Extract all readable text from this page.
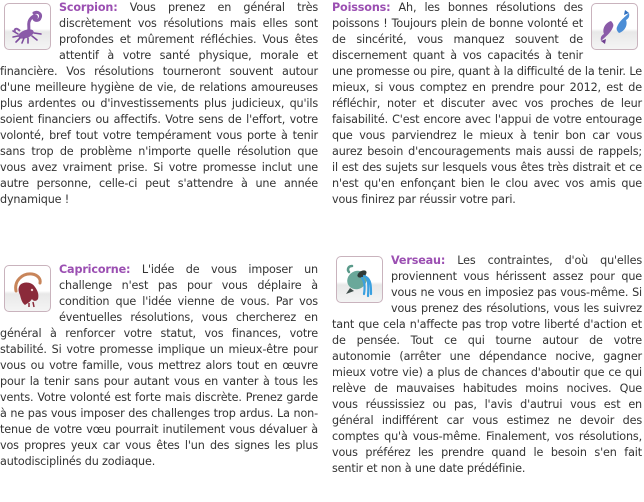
Scorpion: Vous prenez en général très discrètement vos résolutions mais elles sont profondes et mûrement réfléchies. Vous êtes attentif à votre santé physique, morale et financière. Vos résolutions tourneront souvent autour d'une meilleure hygiène de vie, de relations amoureuses plus ardentes ou d'investissements plus judicieux, qu'ils soient financiers ou affectifs. Votre sens de l'effort, votre volonté, bref tout votre tempérament vous porte à tenir sans trop de problème n'importe quelle résolution que vous avez vraiment prise. Si votre promesse inclut une autre personne, celle-ci peut s'attendre à une année dynamique !

Poissons: Ah, les bonnes résolutions des poissons ! Toujours plein de bonne volonté et de sincérité, vous manquez souvent de discernement quant à vos capacités à tenir une promesse ou pire, quant à la difficulté de la tenir. Le mieux, si vous comptez en prendre pour 2012, est de réfléchir, noter et discuter avec vos proches de leur faisabilité. C'est encore avec l'appui de votre entourage que vous parviendrez le mieux à tenir bon car vous aurez besoin d'encouragements mais aussi de rappels; il est des sujets sur lesquels vous êtes très distrait et ce n'est qu'en enfonçant bien le clou avec vos amis que vous finirez par réussir votre pari.

Capricorne: L'idée de vous imposer un challenge n'est pas pour vous déplaire à condition que l'idée vienne de vous. Par vos éventuelles résolutions, vous chercherez en général à renforcer votre statut, vos finances, votre stabilité. Si votre promesse implique un mieux-être pour vous ou votre famille, vous mettrez alors tout en œuvre pour la tenir sans pour autant vous en vanter à tous les vents. Votre volonté est forte mais discrète. Prenez garde à ne pas vous imposer des challenges trop ardus. La non-tenue de votre vœu pourrait inutilement vous dévaluer à vos propres yeux car vous êtes l'un des signes les plus autodisciplinés du zodiaque.

Verseau: Les contraintes, d'où qu'elles proviennent vous hérissent assez pour que vous ne vous en imposiez pas vous-même. Si vous prenez des résolutions, vous les suivrez tant que cela n'affecte pas trop votre liberté d'action et de pensée. Tout ce qui tourne autour de votre autonomie (arrêter une dépendance nocive, gagner mieux votre vie) a plus de chances d'aboutir que ce qui relève de mauvaises habitudes moins nocives. Que vous réussissiez ou pas, l'avis d'autrui vous est en général indifférent car vous estimez ne devoir des comptes qu'à vous-même. Finalement, vos résolutions, vous préférez les prendre quand le besoin s'en fait sentir et non à une date prédéfinie.
